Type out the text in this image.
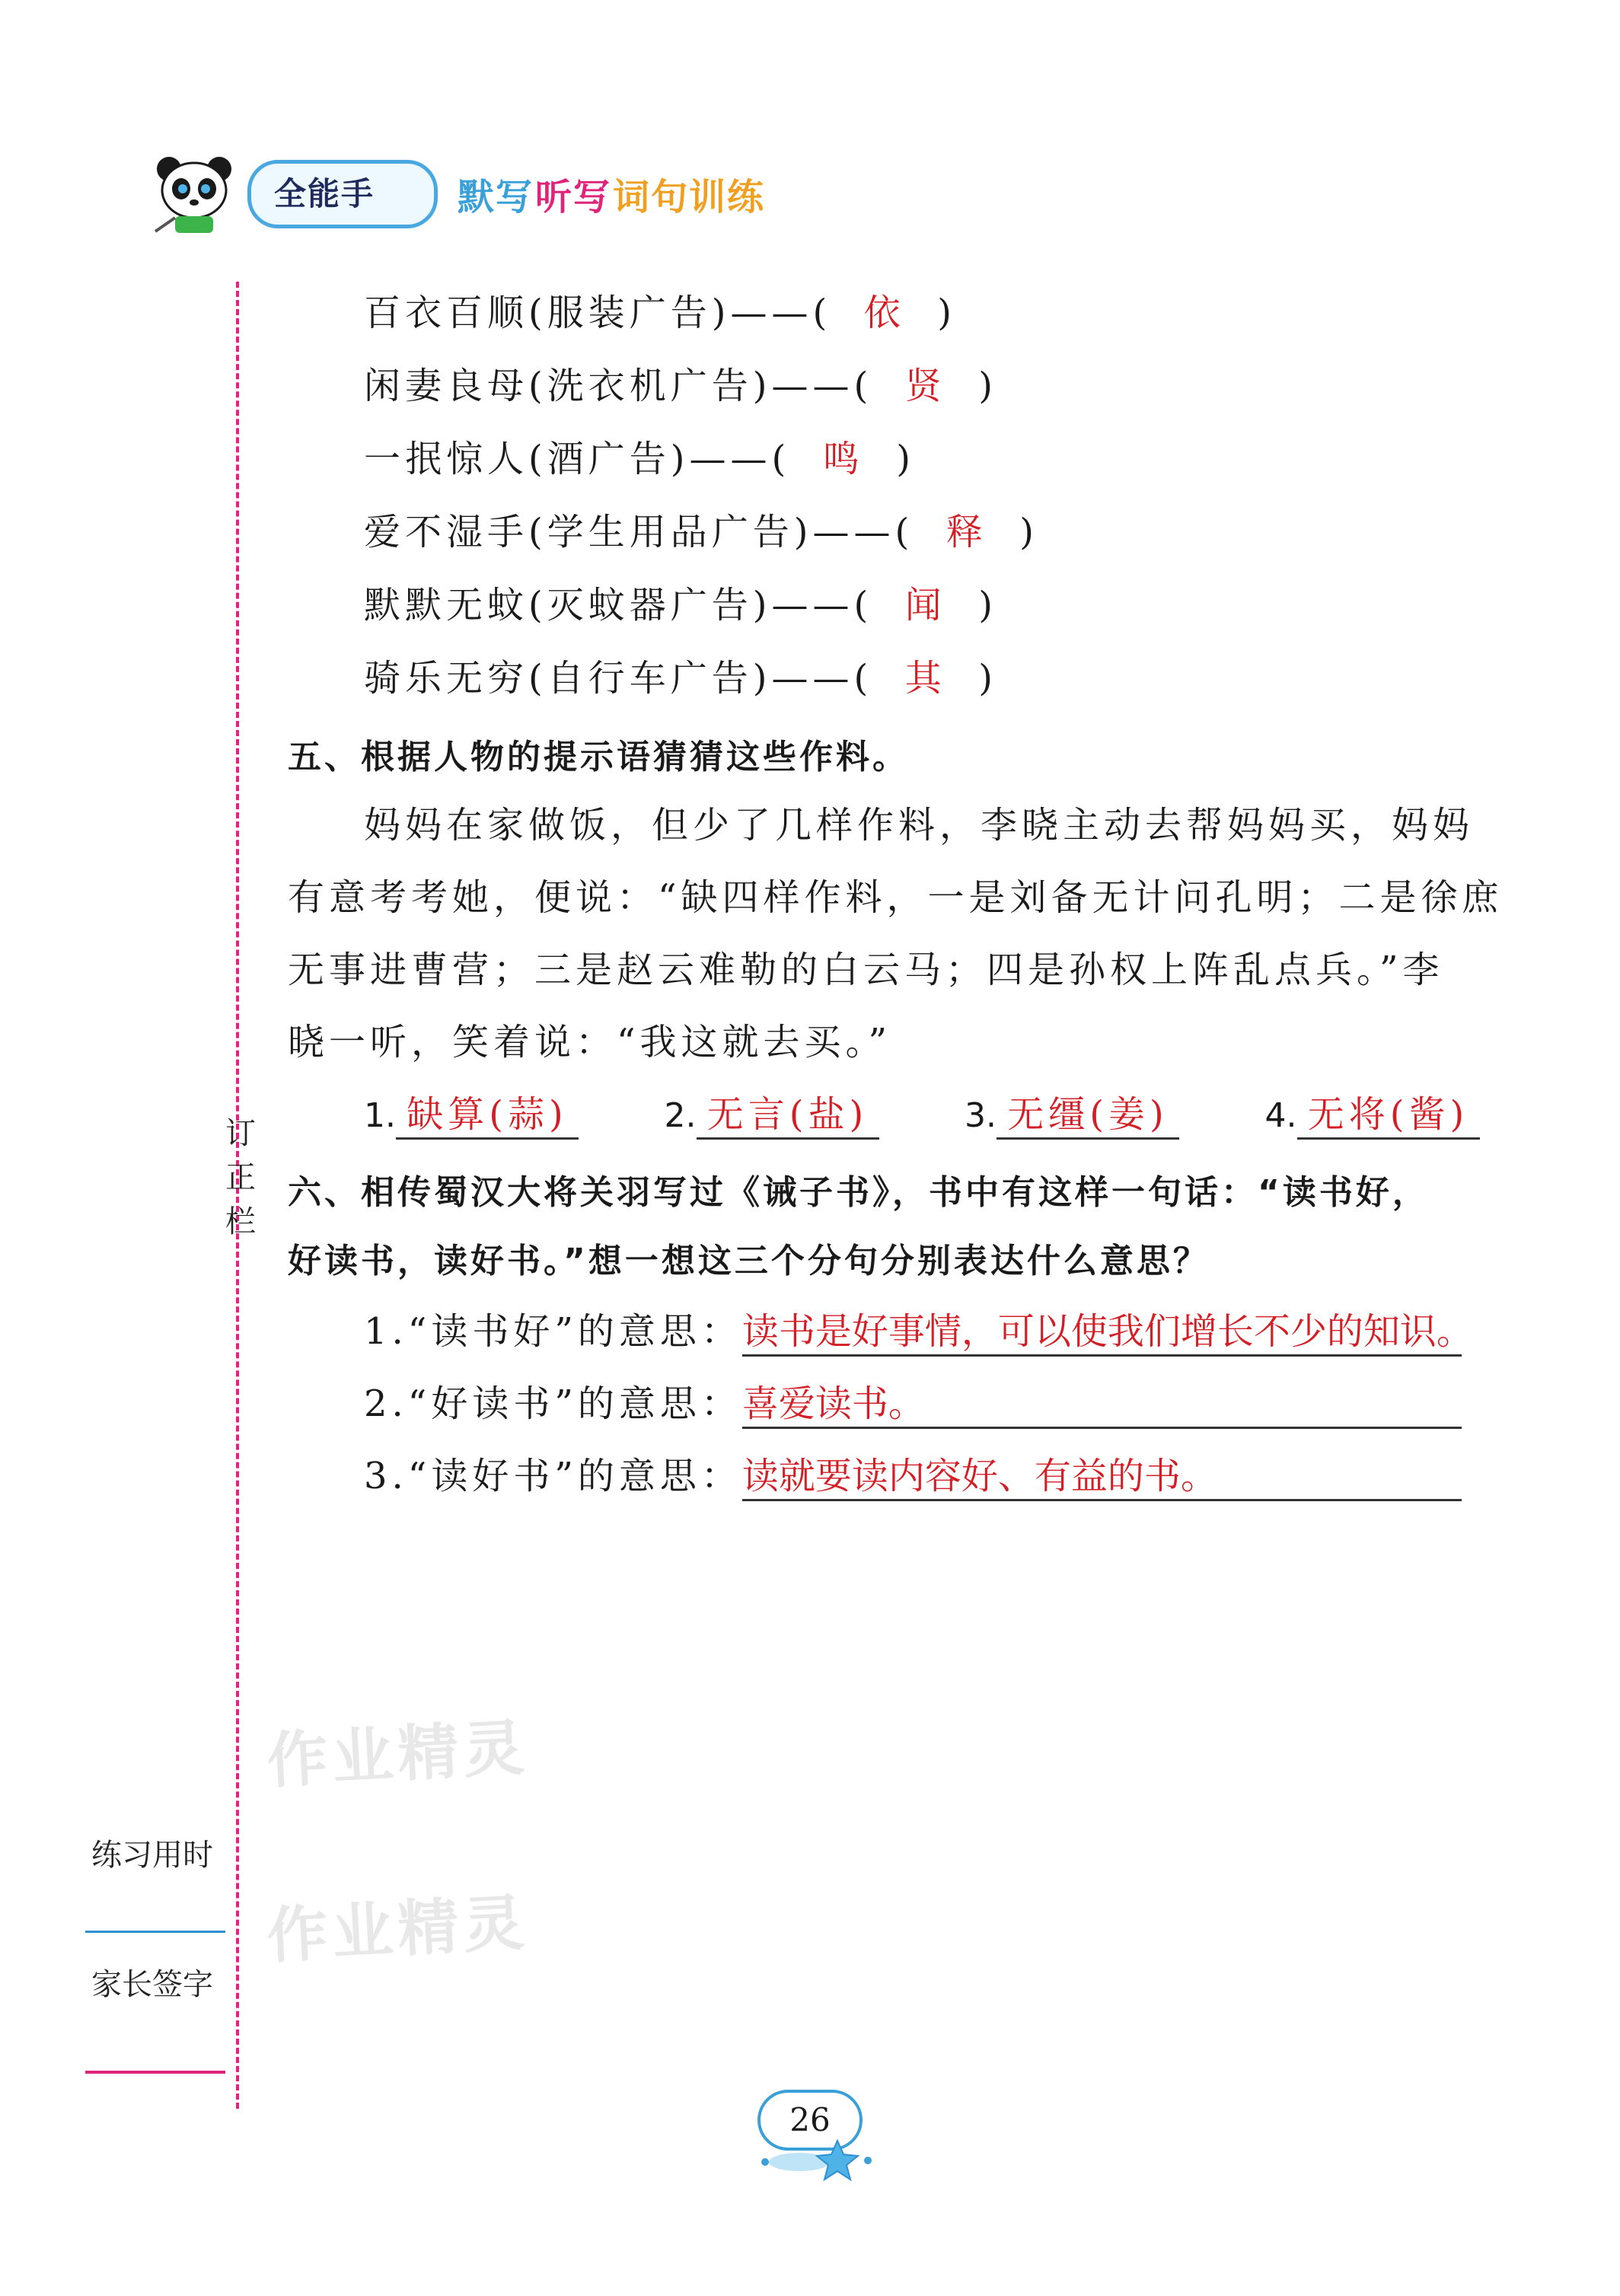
全能手 默写听写词句训练
订
正
栏
练习用时
家长签字
百衣百顺(服装广告)——( 依 )
闲妻良母(洗衣机广告)——( 贤 )
一抿惊人(酒广告)——( 鸣 )
爱不湿手(学生用品广告)——( 释 )
默默无蚊(灭蚊器广告)——( 闻 )
骑乐无穷(自行车广告)——( 其 )
五、根据人物的提示语猜猜这些作料。
妈妈在家做饭，但少了几样作料，李晓主动去帮妈妈买，妈妈
有意考考她，便说：“缺四样作料，一是刘备无计问孔明；二是徐庶
无事进曹营；三是赵云难勒的白云马；四是孙权上阵乱点兵。”李
晓一听，笑着说：“我这就去买。”
1. 缺算(蒜)	2. 无言(盐)	3. 无缰(姜)	4. 无将(酱)
六、相传蜀汉大将关羽写过《诫子书》，书中有这样一句话：“读书好，
好读书，读好书。”想一想这三个分句分别表达什么意思？
1.“读书好”的意思：读书是好事情，可以使我们增长不少的知识。
2.“好读书”的意思：喜爱读书。
3.“读好书”的意思：读就要读内容好、有益的书。
作业精灵
作业精灵
26
